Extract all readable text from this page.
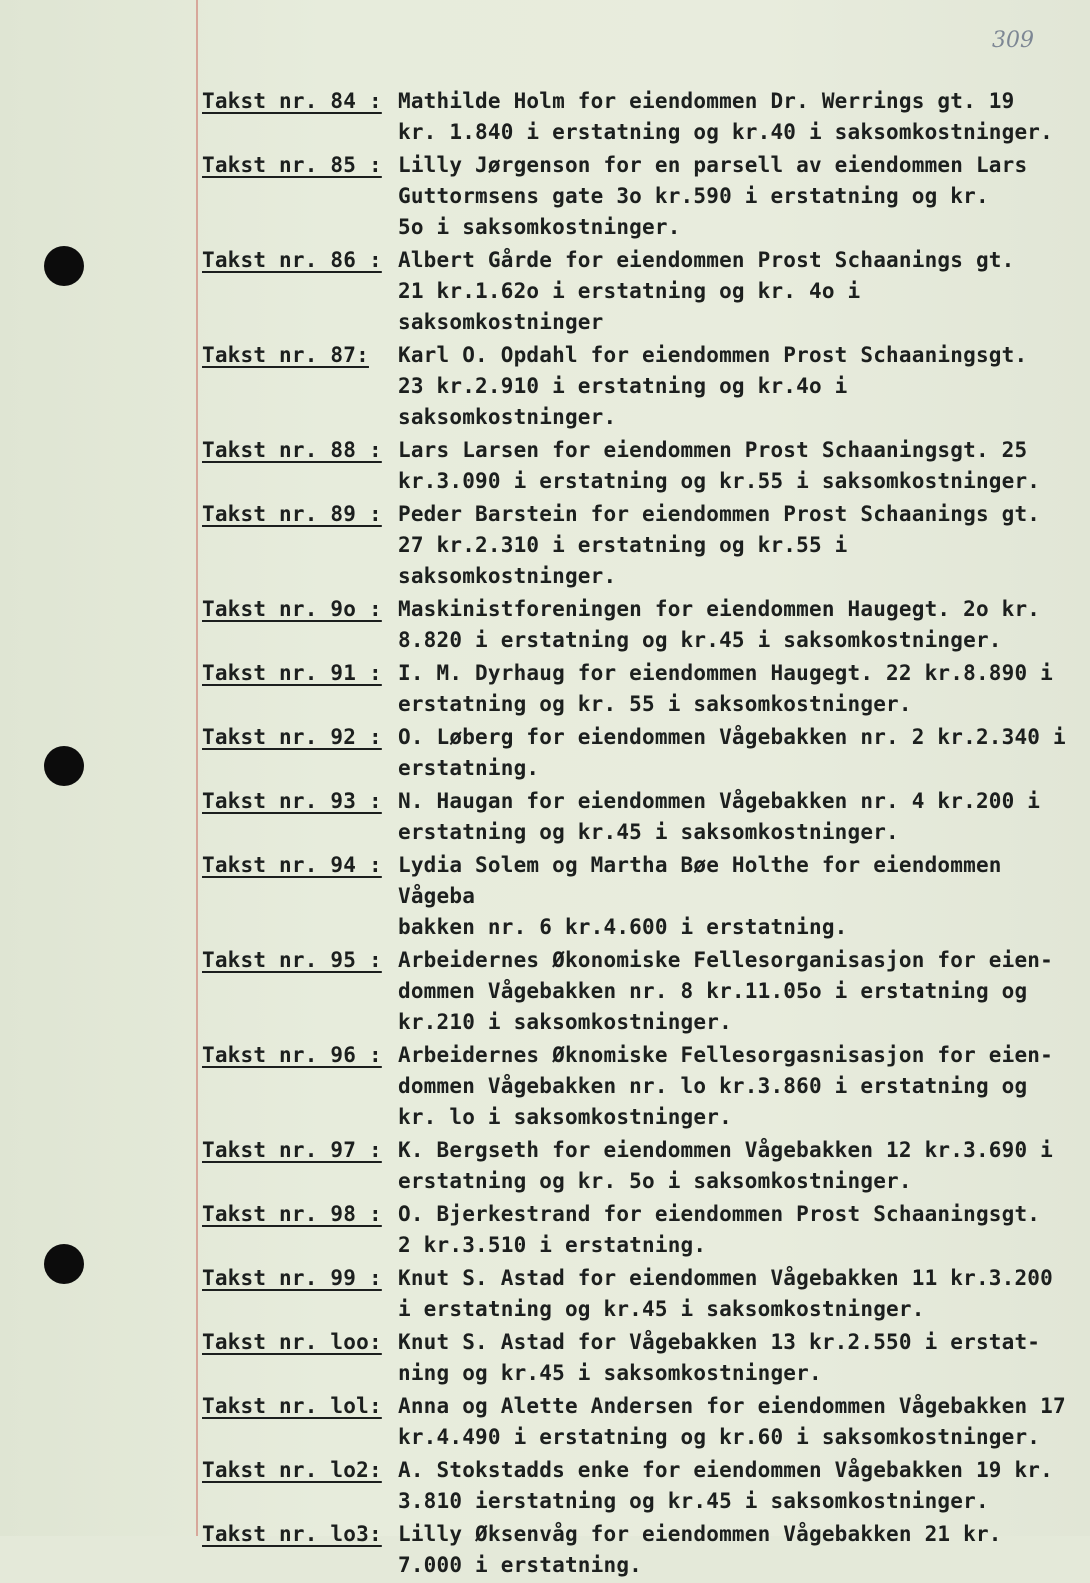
309
Takst nr. 84 : Mathilde Holm for eiendommen Dr. Werrings gt. 19
kr. 1.840 i erstatning og kr.40 i saksomkostninger.
Takst nr. 85 : Lilly Jørgenson for en parsell av eiendommen Lars
Guttormsens gate 3o kr.590 i erstatning og kr.
5o i saksomkostninger.
Takst nr. 86 : Albert Gårde for eiendommen Prost Schaanings gt.
21 kr.1.62o i erstatning og kr. 4o i saksomkostninger
Takst nr. 87:	Karl O. Opdahl for eiendommen Prost Schaaningsgt.
23 kr.2.910 i erstatning og kr.4o i saksomkostninger.
Takst nr. 88 : Lars Larsen for eiendommen Prost Schaaningsgt. 25
kr.3.090 i erstatning og kr.55 i saksomkostninger.
Takst nr. 89 : Peder Barstein for eiendommen Prost Schaanings gt.
27 kr.2.310 i erstatning og kr.55 i saksomkostninger.
Takst nr. 9o : Maskinistforeningen for eiendommen Haugegt. 2o kr.
8.820 i erstatning og kr.45 i saksomkostninger.
Takst nr. 91 : I. M. Dyrhaug for eiendommen Haugegt. 22 kr.8.890 i
erstatning og kr. 55 i saksomkostninger.
Takst nr. 92 : O. Løberg for eiendommen Vågebakken nr. 2 kr.2.340 i
erstatning.
Takst nr. 93 : N. Haugan for eiendommen Vågebakken nr. 4 kr.200 i
erstatning og kr.45 i saksomkostninger.
Takst nr. 94 : Lydia Solem og Martha Bøe Holthe for eiendommen Vågeba
bakken nr. 6 kr.4.600 i erstatning.
Takst nr. 95 : Arbeidernes Økonomiske Fellesorganisasjon for eien-
dommen Vågebakken nr. 8 kr.11.05o i erstatning og
kr.210 i saksomkostninger.
Takst nr. 96 : Arbeidernes Øknomiske Fellesorgasnisasjon for eien-
dommen Vågebakken nr. lo kr.3.860 i erstatning og
kr. lo i saksomkostninger.
Takst nr. 97 : K. Bergseth for eiendommen Vågebakken 12 kr.3.690 i
erstatning og kr. 5o i saksomkostninger.
Takst nr. 98 : O. Bjerkestrand for eiendommen Prost Schaaningsgt.
2 kr.3.510 i erstatning.
Takst nr. 99 : Knut S. Astad for eiendommen Vågebakken 11 kr.3.200
i erstatning og kr.45 i saksomkostninger.
Takst nr. loo: Knut S. Astad for Vågebakken 13 kr.2.550 i erstat-
ning og kr.45 i saksomkostninger.
Takst nr. lol: Anna og Alette Andersen for eiendommen Vågebakken 17
kr.4.490 i erstatning og kr.60 i saksomkostninger.
Takst nr. lo2: A. Stokstadds enke for eiendommen Vågebakken 19 kr.
3.810 ierstatning og kr.45 i saksomkostninger.
Takst nr. lo3: Lilly Øksenvåg for eiendommen Vågebakken 21 kr.
7.000 i erstatning.
